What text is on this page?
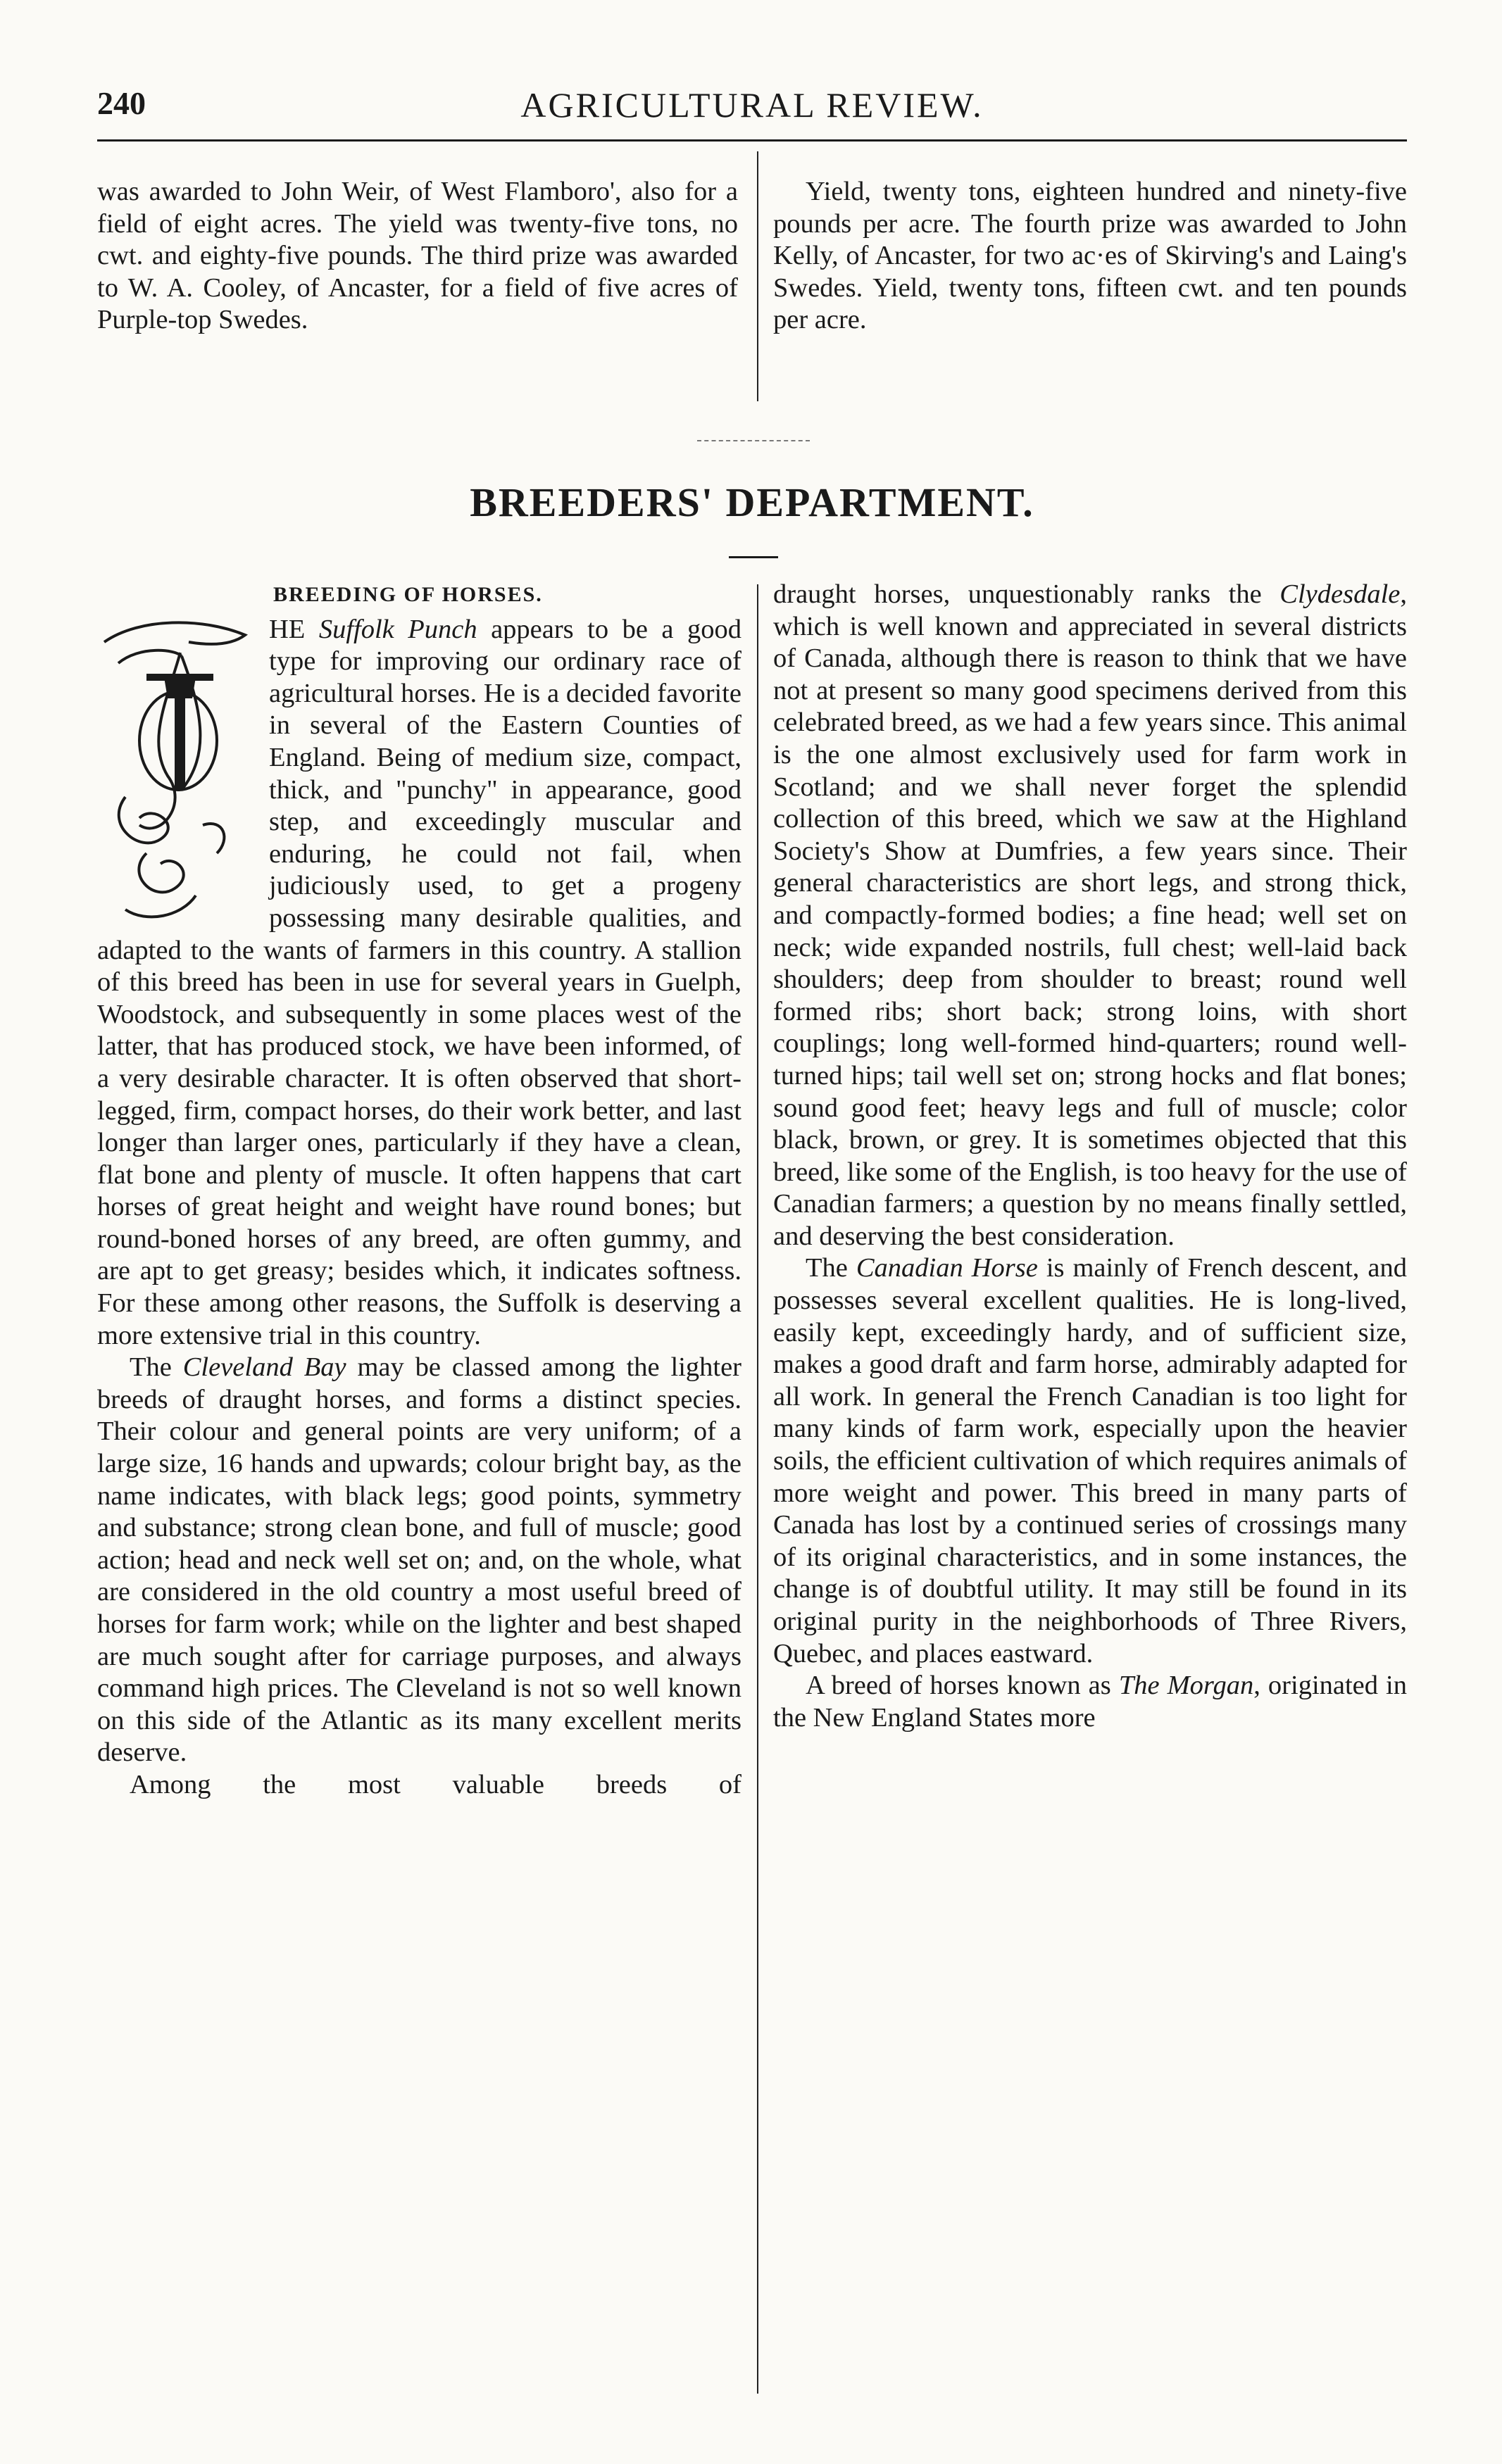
240	AGRICULTURAL REVIEW.

was awarded to John Weir, of West Flamboro', also for a field of eight acres. The yield was twenty-five tons, no cwt. and eighty-five pounds. The third prize was awarded to W. A. Cooley, of Ancaster, for a field of five acres of Purple-top Swedes.

Yield, twenty tons, eighteen hundred and ninety-five pounds per acre. The fourth prize was awarded to John Kelly, of Ancaster, for two ac·es of Skirving's and Laing's Swedes. Yield, twenty tons, fifteen cwt. and ten pounds per acre.

BREEDERS' DEPARTMENT.
BREEDING OF HORSES.

HE Suffolk Punch appears to be a good type for improving our ordinary race of agricultural horses. He is a decided favorite in several of the Eastern Counties of England. Being of medium size, compact, thick, and "punchy" in appearance, good step, and exceedingly muscular and enduring, he could not fail, when judiciously used, to get a progeny possessing many desirable qualities, and adapted to the wants of farmers in this country. A stallion of this breed has been in use for several years in Guelph, Woodstock, and subsequently in some places west of the latter, that has produced stock, we have been informed, of a very desirable character. It is often observed that short-legged, firm, compact horses, do their work better, and last longer than larger ones, particularly if they have a clean, flat bone and plenty of muscle. It often happens that cart horses of great height and weight have round bones; but round-boned horses of any breed, are often gummy, and are apt to get greasy; besides which, it indicates softness. For these among other reasons, the Suffolk is deserving a more extensive trial in this country.

The Cleveland Bay may be classed among the lighter breeds of draught horses, and forms a distinct species. Their colour and general points are very uniform; of a large size, 16 hands and upwards; colour bright bay, as the name indicates, with black legs; good points, symmetry and substance; strong clean bone, and full of muscle; good action; head and neck well set on; and, on the whole, what are considered in the old country a most useful breed of horses for farm work; while on the lighter and best shaped are much sought after for carriage purposes, and always command high prices. The Cleveland is not so well known on this side of the Atlantic as its many excellent merits deserve.

Among the most valuable breeds of

draught horses, unquestionably ranks the Clydesdale, which is well known and appreciated in several districts of Canada, although there is reason to think that we have not at present so many good specimens derived from this celebrated breed, as we had a few years since. This animal is the one almost exclusively used for farm work in Scotland; and we shall never forget the splendid collection of this breed, which we saw at the Highland Society's Show at Dumfries, a few years since. Their general characteristics are short legs, and strong thick, and compactly-formed bodies; a fine head; well set on neck; wide expanded nostrils, full chest; well-laid back shoulders; deep from shoulder to breast; round well formed ribs; short back; strong loins, with short couplings; long well-formed hind-quarters; round well-turned hips; tail well set on; strong hocks and flat bones; sound good feet; heavy legs and full of muscle; color black, brown, or grey. It is sometimes objected that this breed, like some of the English, is too heavy for the use of Canadian farmers; a question by no means finally settled, and deserving the best consideration.

The Canadian Horse is mainly of French descent, and possesses several excellent qualities. He is long-lived, easily kept, exceedingly hardy, and of sufficient size, makes a good draft and farm horse, admirably adapted for all work. In general the French Canadian is too light for many kinds of farm work, especially upon the heavier soils, the efficient cultivation of which requires animals of more weight and power. This breed in many parts of Canada has lost by a continued series of crossings many of its original characteristics, and in some instances, the change is of doubtful utility. It may still be found in its original purity in the neighborhoods of Three Rivers, Quebec, and places eastward.

A breed of horses known as The Morgan, originated in the New England States more
